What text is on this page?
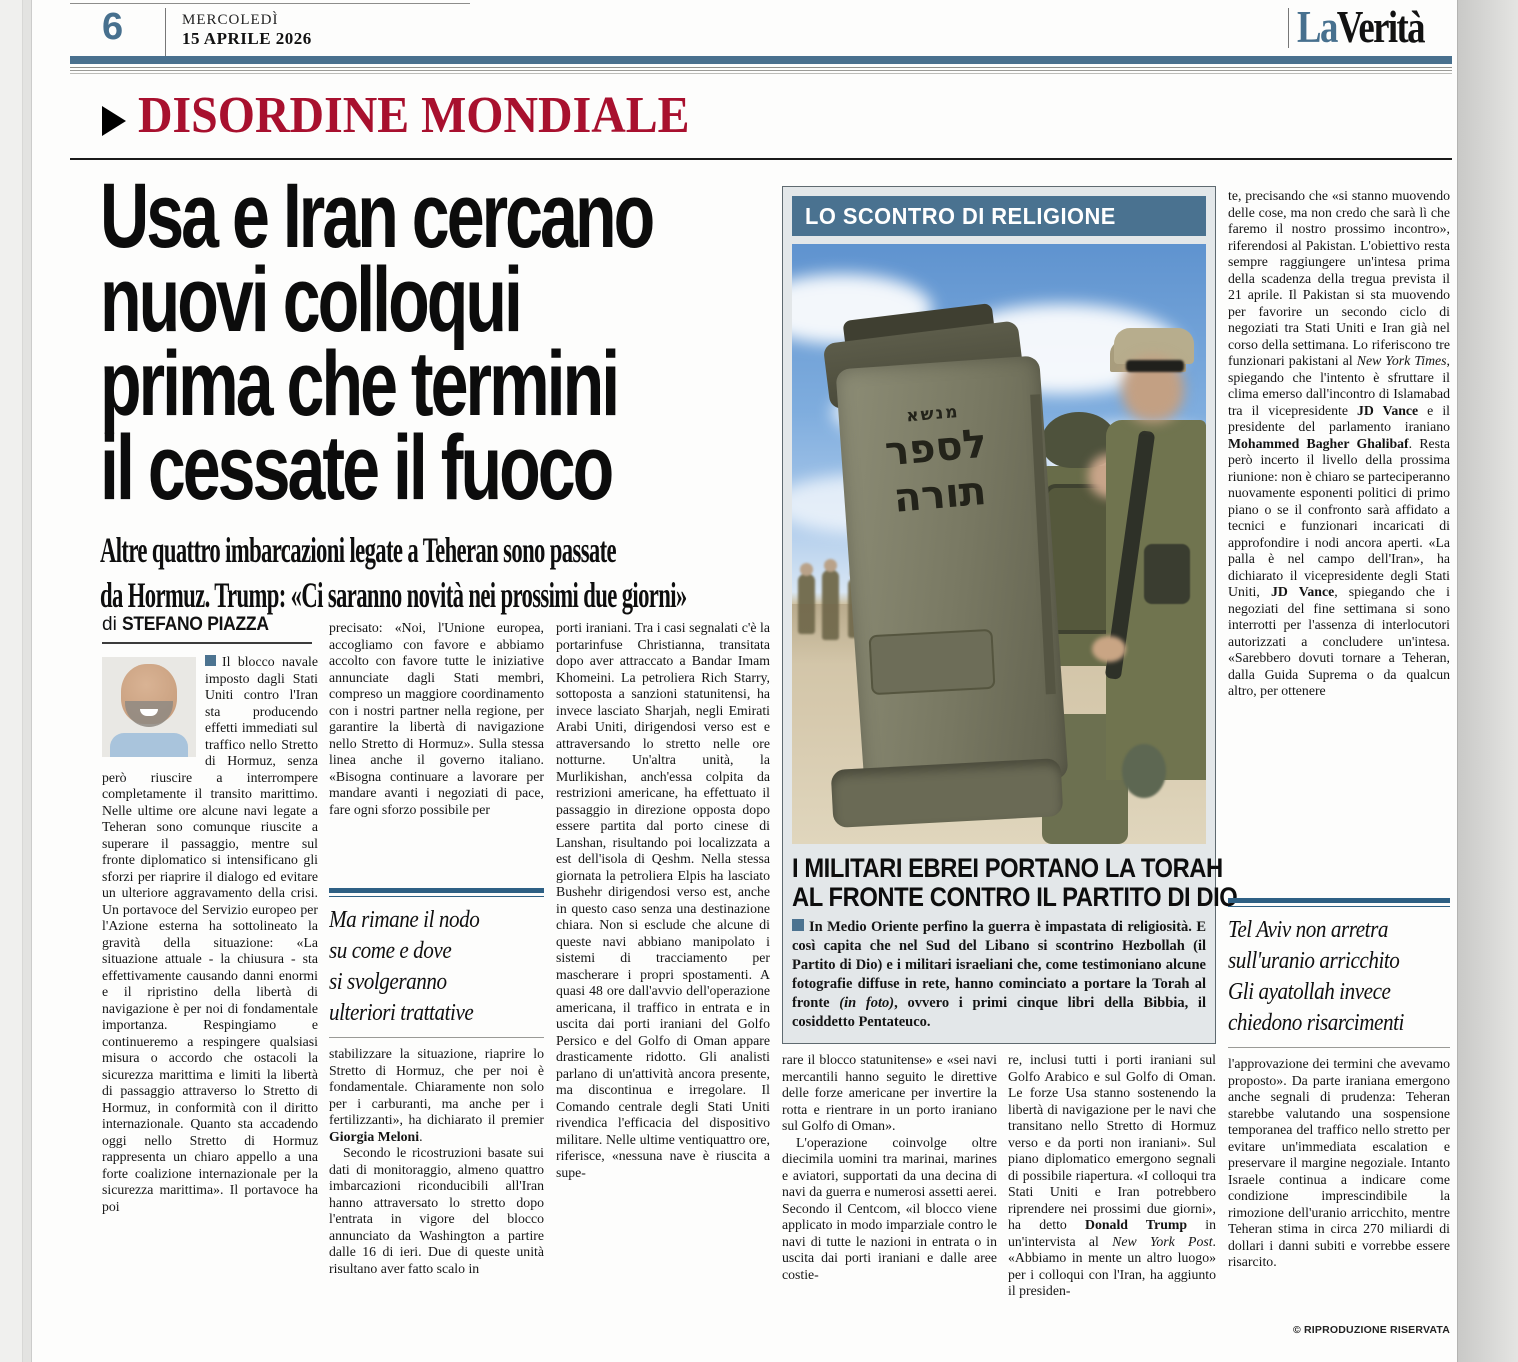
6	MERCOLEDÌ
15 APRILE 2026	LaVerità
DISORDINE MONDIALE
Usa e Iran cercano
nuovi colloqui
prima che termini
il cessate il fuoco
Altre quattro imbarcazioni legate a Teheran sono passate
da Hormuz. Trump: «Ci saranno novità nei prossimi due giorni»
di STEFANO PIAZZA
Il blocco navale imposto dagli Stati Uniti contro l'Iran sta producendo effetti immediati sul traffico nello Stretto di Hormuz, senza però riuscire a interrompere completamente il transito marittimo. Nelle ultime ore alcune navi legate a Teheran sono comunque riuscite a superare il passaggio, mentre sul fronte diplomatico si intensificano gli sforzi per riaprire il dialogo ed evitare un ulteriore aggravamento della crisi. Un portavoce del Servizio europeo per l'Azione esterna ha sottolineato la gravità della situazione: «La situazione attuale - la chiusura - sta effettivamente causando danni enormi e il ripristino della libertà di navigazione è per noi di fondamentale importanza. Respingiamo e continueremo a respingere qualsiasi misura o accordo che ostacoli la sicurezza marittima e limiti la libertà di passaggio attraverso lo Stretto di Hormuz, in conformità con il diritto internazionale. Quanto sta accadendo oggi nello Stretto di Hormuz rappresenta un chiaro appello a una forte coalizione internazionale per la sicurezza marittima». Il portavoce ha poi
precisato: «Noi, l'Unione europea, accogliamo con favore e abbiamo accolto con favore tutte le iniziative annunciate dagli Stati membri, compreso un maggiore coordinamento con i nostri partner nella regione, per garantire la libertà di navigazione nello Stretto di Hormuz». Sulla stessa linea anche il governo italiano. «Bisogna continuare a lavorare per mandare avanti i negoziati di pace, fare ogni sforzo possibile per
Ma rimane il nodo
su come e dove
si svolgeranno
ulteriori trattative

stabilizzare la situazione, riaprire lo Stretto di Hormuz, che per noi è fondamentale. Chiaramente non solo per i carburanti, ma anche per i fertilizzanti», ha dichiarato il premier Giorgia Meloni.

Secondo le ricostruzioni basate sui dati di monitoraggio, almeno quattro imbarcazioni riconducibili all'Iran hanno attraversato lo stretto dopo l'entrata in vigore del blocco annunciato da Washington a partire dalle 16 di ieri. Due di queste unità risultano aver fatto scalo in

porti iraniani. Tra i casi segnalati c'è la portarinfuse Christianna, transitata dopo aver attraccato a Bandar Imam Khomeini. La petroliera Rich Starry, sottoposta a sanzioni statunitensi, ha invece lasciato Sharjah, negli Emirati Arabi Uniti, dirigendosi verso est e attraversando lo stretto nelle ore notturne. Un'altra unità, la Murlikishan, anch'essa colpita da restrizioni americane, ha effettuato il passaggio in direzione opposta dopo essere partita dal porto cinese di Lanshan, risultando poi localizzata a est dell'isola di Qeshm. Nella stessa giornata la petroliera Elpis ha lasciato Bushehr dirigendosi verso est, anche in questo caso senza una destinazione chiara. Non si esclude che alcune di queste navi abbiano manipolato i sistemi di tracciamento per mascherare i propri spostamenti. A quasi 48 ore dall'avvio dell'operazione americana, il traffico in entrata e in uscita dai porti iraniani del Golfo Persico e del Golfo di Oman appare drasticamente ridotto. Gli analisti parlano di un'attività ancora presente, ma discontinua e irregolare. Il Comando centrale degli Stati Uniti rivendica l'efficacia del dispositivo militare. Nelle ultime ventiquattro ore, riferisce, «nessuna nave è riuscita a supe-
LO SCONTRO DI RELIGIONE
מנשא
לספר
תורה
I MILITARI EBREI PORTANO LA TORAH
AL FRONTE CONTRO IL PARTITO DI DIO
In Medio Oriente perfino la guerra è impastata di religiosità. E così capita che nel Sud del Libano si scontrino Hezbollah (il Partito di Dio) e i militari israeliani che, come testimoniano alcune fotografie diffuse in rete, hanno cominciato a portare la Torah al fronte (in foto), ovvero i primi cinque libri della Bibbia, il cosiddetto Pentateuco.

rare il blocco statunitense» e «sei navi mercantili hanno seguito le direttive delle forze americane per invertire la rotta e rientrare in un porto iraniano sul Golfo di Oman».

L'operazione coinvolge oltre diecimila uomini tra marinai, marines e aviatori, supportati da una decina di navi da guerra e numerosi assetti aerei. Secondo il Centcom, «il blocco viene applicato in modo imparziale contro le navi di tutte le nazioni in entrata o in uscita dai porti iraniani e dalle aree costie-

re, inclusi tutti i porti iraniani sul Golfo Arabico e sul Golfo di Oman. Le forze Usa stanno sostenendo la libertà di navigazione per le navi che transitano nello Stretto di Hormuz verso e da porti non iraniani». Sul piano diplomatico emergono segnali di possibile riapertura. «I colloqui tra Stati Uniti e Iran potrebbero riprendere nei prossimi due giorni», ha detto Donald Trump in un'intervista al New York Post. «Abbiamo in mente un altro luogo» per i colloqui con l'Iran, ha aggiunto il presiden-
te, precisando che «si stanno muovendo delle cose, ma non credo che sarà lì che faremo il nostro prossimo incontro», riferendosi al Pakistan. L'obiettivo resta sempre raggiungere un'intesa prima della scadenza della tregua prevista il 21 aprile. Il Pakistan si sta muovendo per favorire un secondo ciclo di negoziati tra Stati Uniti e Iran già nel corso della settimana. Lo riferiscono tre funzionari pakistani al New York Times, spiegando che l'intento è sfruttare il clima emerso dall'incontro di Islamabad tra il vicepresidente JD Vance e il presidente del parlamento iraniano Mohammed Bagher Ghalibaf. Resta però incerto il livello della prossima riunione: non è chiaro se parteciperanno nuovamente esponenti politici di primo piano o se il confronto sarà affidato a tecnici e funzionari incaricati di approfondire i nodi ancora aperti. «La palla è nel campo dell'Iran», ha dichiarato il vicepresidente degli Stati Uniti, JD Vance, spiegando che i negoziati del fine settimana si sono interrotti per l'assenza di interlocutori autorizzati a concludere un'intesa. «Sarebbero dovuti tornare a Teheran, dalla Guida Suprema o da qualcun altro, per ottenere
Tel Aviv non arretra
sull'uranio arricchito
Gli ayatollah invece
chiedono risarcimenti
l'approvazione dei termini che avevamo proposto». Da parte iraniana emergono anche segnali di prudenza: Teheran starebbe valutando una sospensione temporanea del traffico nello stretto per evitare un'immediata escalation e preservare il margine negoziale. Intanto Israele continua a indicare come condizione imprescindibile la rimozione dell'uranio arricchito, mentre Teheran stima in circa 270 miliardi di dollari i danni subiti e vorrebbe essere risarcito.
© RIPRODUZIONE RISERVATA
